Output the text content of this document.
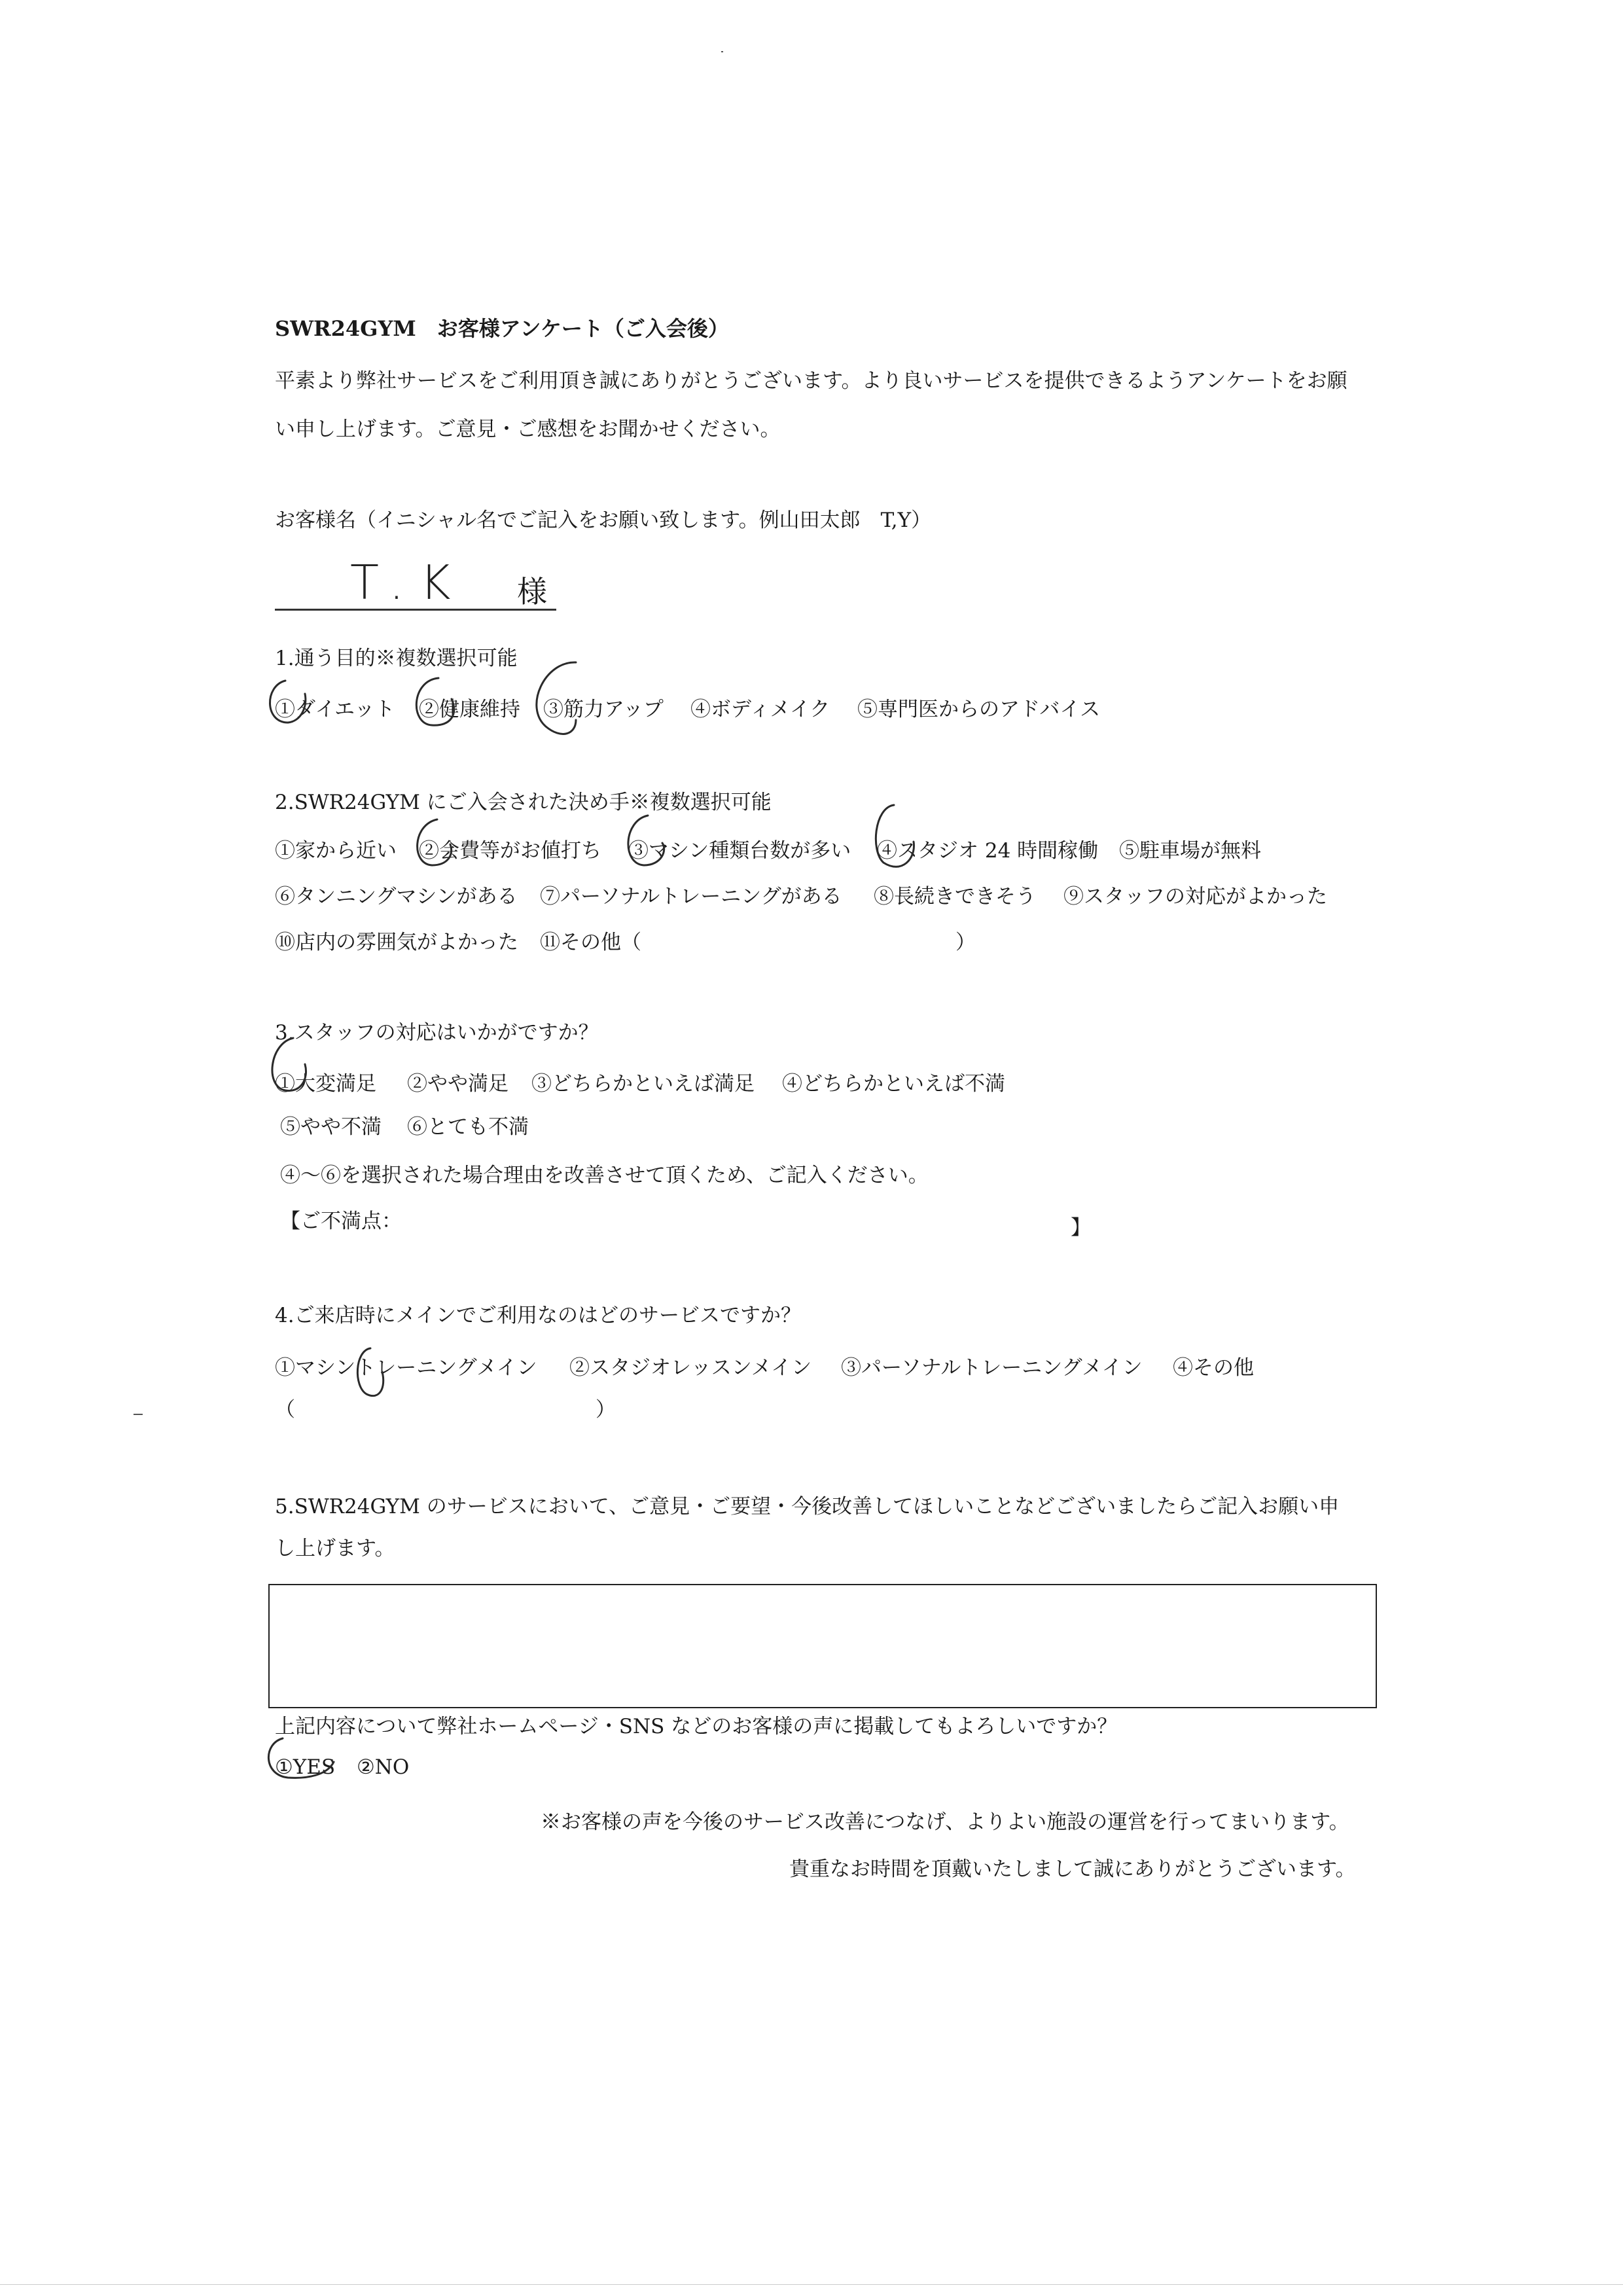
SWR24GYM　お客様アンケート（ご入会後）
平素より弊社サービスをご利用頂き誠にありがとうございます。より良いサービスを提供できるようアンケートをお願
い申し上げます。ご意見・ご感想をお聞かせください。
お客様名（イニシャル名でご記入をお願い致します。例山田太郎　T,Y）
T.K 様
1.通う目的※複数選択可能
①ダイエット ②健康維持 ③筋力アップ ④ボディメイク ⑤専門医からのアドバイス
2.SWR24GYM にご入会された決め手※複数選択可能
①家から近い ②会費等がお値打ち ③マシン種類台数が多い ④スタジオ 24 時間稼働 ⑤駐車場が無料
⑥タンニングマシンがある ⑦パーソナルトレーニングがある ⑧長続きできそう ⑨スタッフの対応がよかった
⑩店内の雰囲気がよかった ⑪その他（	）
3.スタッフの対応はいかがですか？
①大変満足 ②やや満足 ③どちらかといえば満足 ④どちらかといえば不満
⑤やや不満 ⑥とても不満
④～⑥を選択された場合理由を改善させて頂くため、ご記入ください。
【ご不満点：	】
4.ご来店時にメインでご利用なのはどのサービスですか？
①マシントレーニングメイン ②スタジオレッスンメイン ③パーソナルトレーニングメイン ④その他
（	）
5.SWR24GYM のサービスにおいて、ご意見・ご要望・今後改善してほしいことなどございましたらご記入お願い申
し上げます。
上記内容について弊社ホームページ・SNS などのお客様の声に掲載してもよろしいですか？
①YES ②NO
※お客様の声を今後のサービス改善につなげ、よりよい施設の運営を行ってまいります。
貴重なお時間を頂戴いたしまして誠にありがとうございます。
